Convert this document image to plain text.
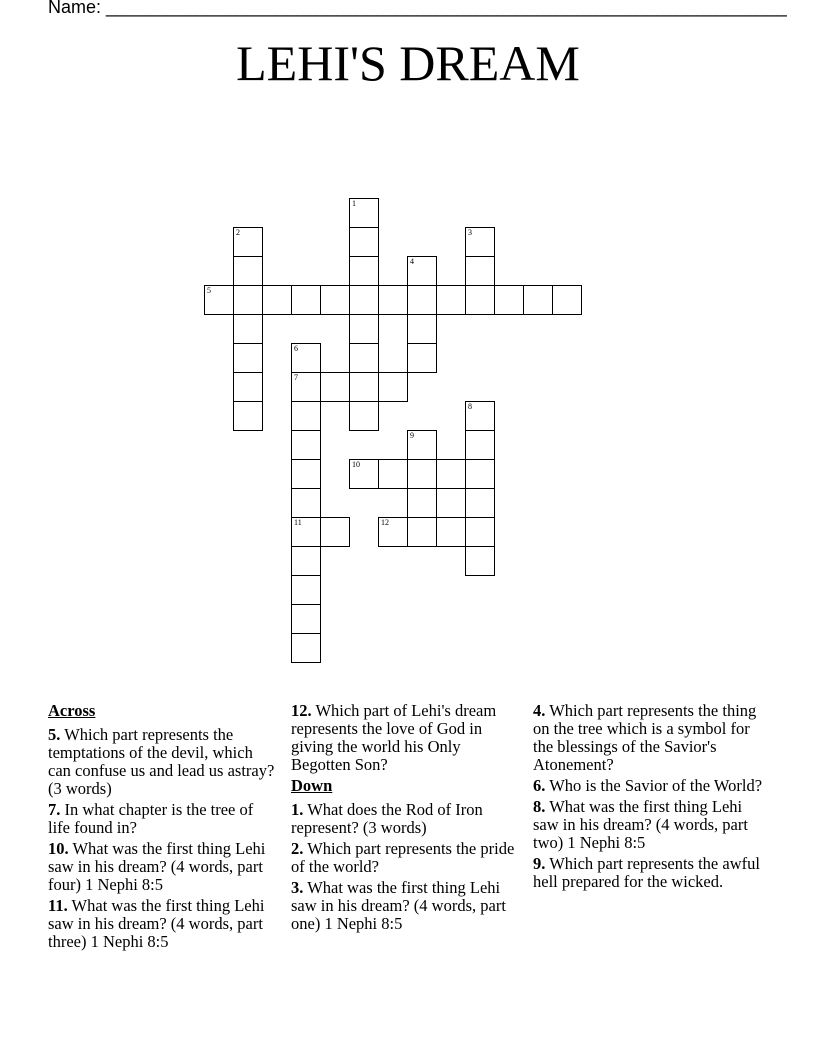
Name: ____________________________________________________________________
LEHI'S DREAM
1
2	3
4
5
6
7
8
9
10
11	12
Across
5. Which part represents the temptations of the devil, which can confuse us and lead us astray? (3 words)
7. In what chapter is the tree of life found in?
10. What was the first thing Lehi saw in his dream? (4 words, part four) 1 Nephi 8:5
11. What was the first thing Lehi saw in his dream? (4 words, part three) 1 Nephi 8:5
12. Which part of Lehi's dream represents the love of God in giving the world his Only Begotten Son?
Down
1. What does the Rod of Iron represent? (3 words)
2. Which part represents the pride of the world?
3. What was the first thing Lehi saw in his dream? (4 words, part one) 1 Nephi 8:5
4. Which part represents the thing on the tree which is a symbol for the blessings of the Savior's Atonement?
6. Who is the Savior of the World?
8. What was the first thing Lehi saw in his dream? (4 words, part two) 1 Nephi 8:5
9. Which part represents the awful hell prepared for the wicked.
